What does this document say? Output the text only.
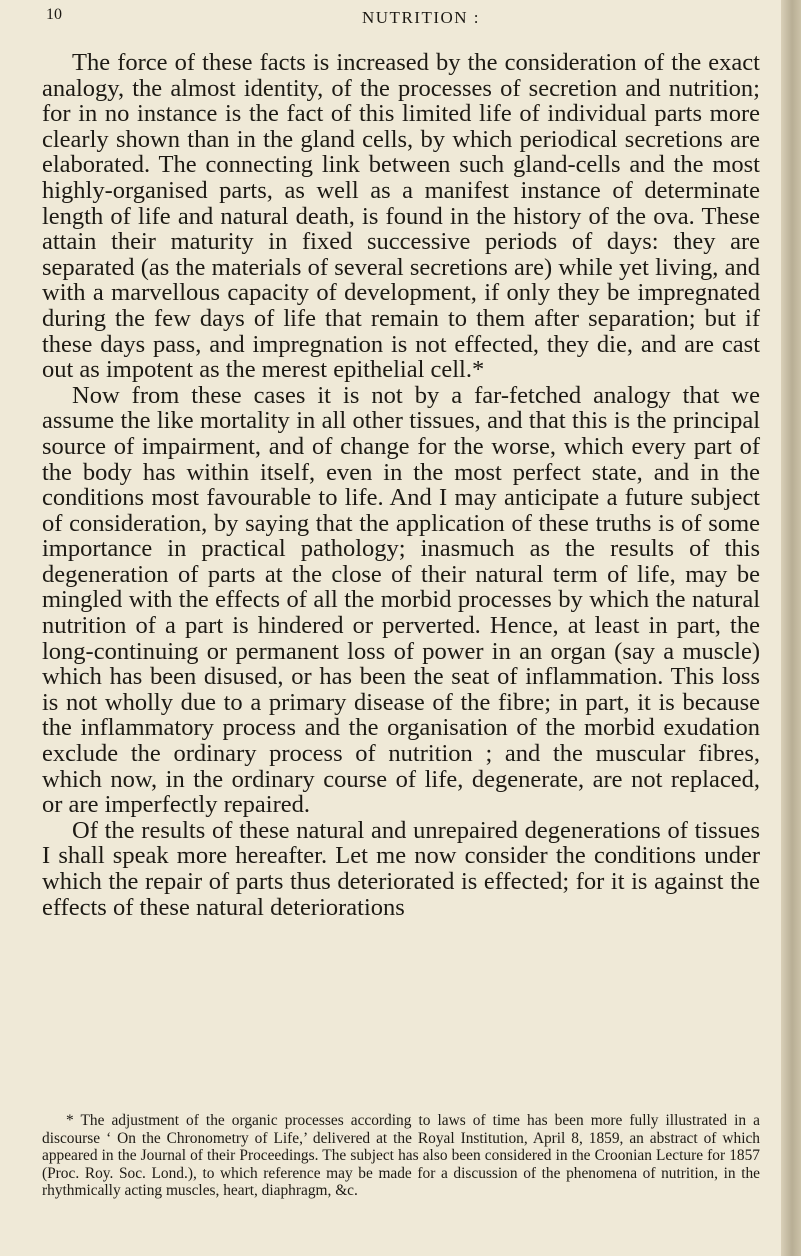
10	NUTRITION :

The force of these facts is increased by the consideration of the exact analogy, the almost identity, of the processes of secretion and nutrition; for in no instance is the fact of this limited life of individual parts more clearly shown than in the gland cells, by which periodical secretions are elaborated. The connecting link between such gland-cells and the most highly-organised parts, as well as a manifest instance of determinate length of life and natural death, is found in the history of the ova. These attain their maturity in fixed successive periods of days: they are separated (as the materials of several secretions are) while yet living, and with a marvellous capacity of development, if only they be impregnated during the few days of life that remain to them after separation; but if these days pass, and impregnation is not effected, they die, and are cast out as impotent as the merest epithelial cell.*

Now from these cases it is not by a far-fetched analogy that we assume the like mortality in all other tissues, and that this is the principal source of impairment, and of change for the worse, which every part of the body has within itself, even in the most perfect state, and in the conditions most favourable to life. And I may anticipate a future subject of consideration, by saying that the application of these truths is of some importance in practical pathology; inasmuch as the results of this degeneration of parts at the close of their natural term of life, may be mingled with the effects of all the morbid processes by which the natural nutrition of a part is hindered or perverted. Hence, at least in part, the long-continuing or permanent loss of power in an organ (say a muscle) which has been disused, or has been the seat of inflammation. This loss is not wholly due to a primary disease of the fibre; in part, it is because the inflammatory process and the organisation of the morbid exudation exclude the ordinary process of nutrition ; and the muscular fibres, which now, in the ordinary course of life, degenerate, are not replaced, or are imperfectly repaired.

Of the results of these natural and unrepaired degenerations of tissues I shall speak more hereafter. Let me now consider the conditions under which the repair of parts thus deteriorated is effected; for it is against the effects of these natural deteriorations

* The adjustment of the organic processes according to laws of time has been more fully illustrated in a discourse ‘ On the Chronometry of Life,’ delivered at the Royal Institution, April 8, 1859, an abstract of which appeared in the Journal of their Proceedings. The subject has also been considered in the Croonian Lecture for 1857 (Proc. Roy. Soc. Lond.), to which reference may be made for a discussion of the phenomena of nutrition, in the rhythmically acting muscles, heart, diaphragm, &c.
